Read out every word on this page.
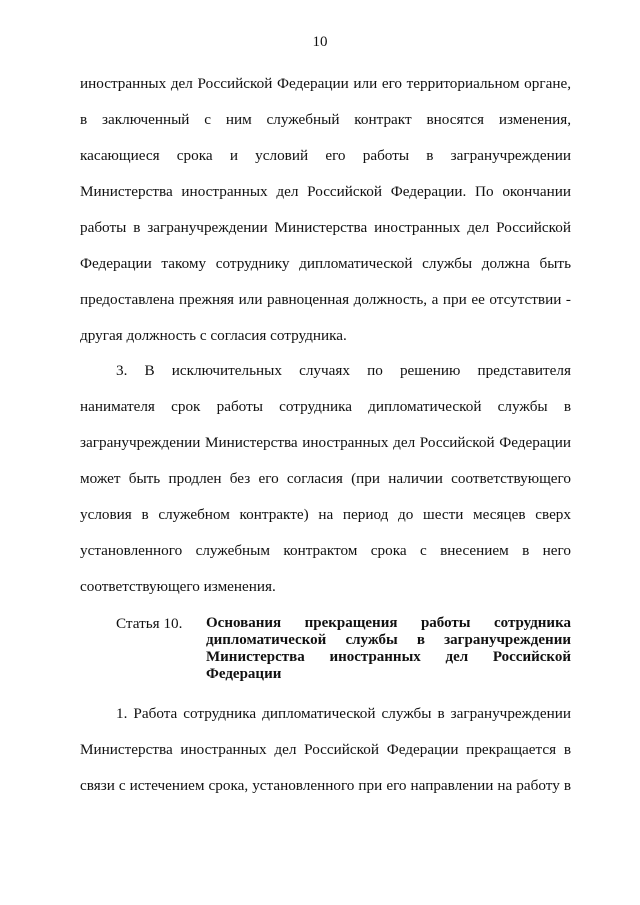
10
иностранных дел Российской Федерации или его территориальном органе,
в заключенный с ним служебный контракт вносятся изменения,
касающиеся срока и условий его работы в загранучреждении
Министерства иностранных дел Российской Федерации. По окончании
работы в загранучреждении Министерства иностранных дел Российской
Федерации такому сотруднику дипломатической службы должна быть
предоставлена прежняя или равноценная должность, а при ее отсутствии -
другая должность с согласия сотрудника.
3. В исключительных случаях по решению представителя
нанимателя срок работы сотрудника дипломатической службы в
загранучреждении Министерства иностранных дел Российской Федерации
может быть продлен без его согласия (при наличии соответствующего
условия в служебном контракте) на период до шести месяцев сверх
установленного служебным контрактом срока с внесением в него
соответствующего изменения.
Статья 10. Основания прекращения работы сотрудника
дипломатической службы в загранучреждении
Министерства иностранных дел Российской
Федерации
1. Работа сотрудника дипломатической службы в загранучреждении
Министерства иностранных дел Российской Федерации прекращается в
связи с истечением срока, установленного при его направлении на работу в
